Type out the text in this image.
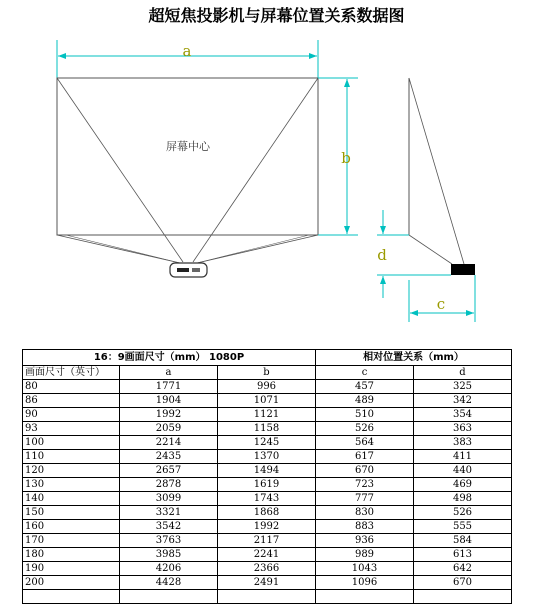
超短焦投影机与屏幕位置关系数据图
a
屏幕中心
b
d
c
16：9画面尺寸（mm） 1080P			相对位置关系（mm）	
画面尺寸（英寸）	a	b	c	d
80	1771	996	457	325
86	1904	1071	489	342
90	1992	1121	510	354
93	2059	1158	526	363
100	2214	1245	564	383
110	2435	1370	617	411
120	2657	1494	670	440
130	2878	1619	723	469
140	3099	1743	777	498
150	3321	1868	830	526
160	3542	1992	883	555
170	3763	2117	936	584
180	3985	2241	989	613
190	4206	2366	1043	642
200	4428	2491	1096	670
